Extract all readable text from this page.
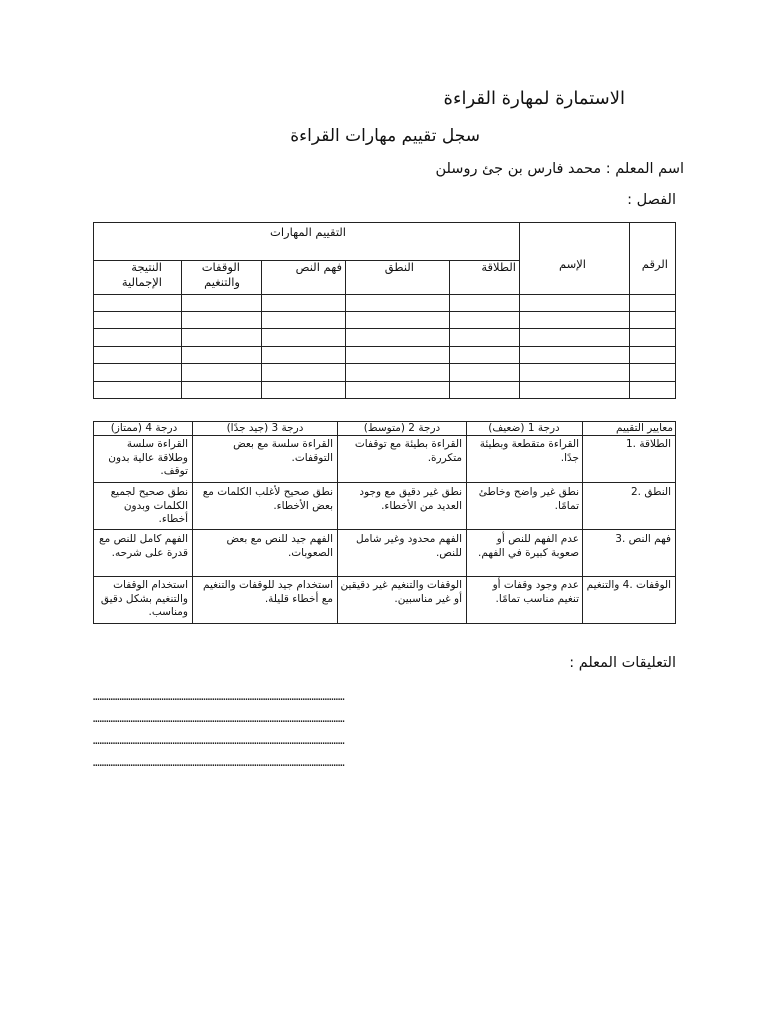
الاستمارة لمهارة القراءة
سجل تقييم مهارات القراءة
اسم المعلم : محمد فارس بن جئ روسلن
الفصل :
الرقم
الإسم
التقييم المهارات
الطلاقة
النطق
فهم النص
الوقفات والتنغيم
النتيجة الإجمالية
معايير التقييم
درجة 1 (ضعيف)
درجة 2 (متوسط)
درجة 3 (جيد جدًا)
درجة 4 (ممتاز)
الطلاقة .1
القراءة متقطعة وبطيئة جدًا.
القراءة بطيئة مع توقفات متكررة.
القراءة سلسة مع بعض التوقفات.
القراءة سلسة وطلاقة عالية بدون توقف.
النطق .2
نطق غير واضح وخاطئ تمامًا.
نطق غير دقيق مع وجود العديد من الأخطاء.
نطق صحيح لأغلب الكلمات مع بعض الأخطاء.
نطق صحيح لجميع الكلمات وبدون أخطاء.
فهم النص .3
عدم الفهم للنص أو صعوبة كبيرة في الفهم.
الفهم محدود وغير شامل للنص.
الفهم جيد للنص مع بعض الصعوبات.
الفهم كامل للنص مع قدرة على شرحه.
الوقفات .4 والتنغيم
عدم وجود وقفات أو تنغيم مناسب تمامًا.
الوقفات والتنغيم غير دقيقين أو غير مناسبين.
استخدام جيد للوقفات والتنغيم مع أخطاء قليلة.
استخدام الوقفات والتنغيم بشكل دقيق ومناسب.
التعليقات المعلم :
……………………………………………………………………………………………………
……………………………………………………………………………………………………
……………………………………………………………………………………………………
……………………………………………………………………………………………………
